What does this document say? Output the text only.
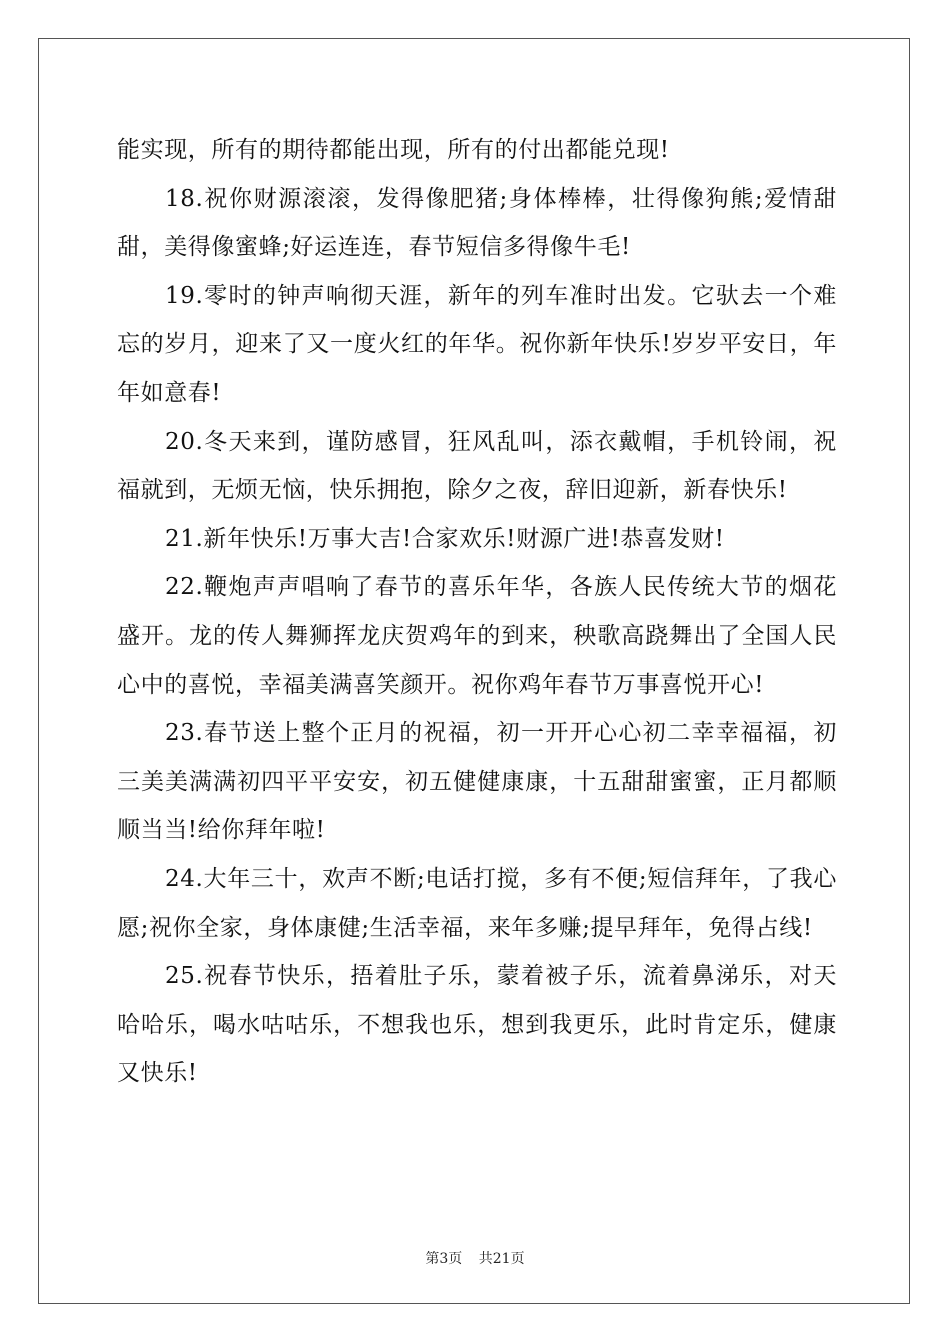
能实现，所有的期待都能出现，所有的付出都能兑现!

18.祝你财源滚滚，发得像肥猪;身体棒棒，壮得像狗熊;爱情甜甜，美得像蜜蜂;好运连连，春节短信多得像牛毛!

19.零时的钟声响彻天涯，新年的列车准时出发。它驮去一个难忘的岁月，迎来了又一度火红的年华。祝你新年快乐!岁岁平安日，年年如意春!

20.冬天来到，谨防感冒，狂风乱叫，添衣戴帽，手机铃闹，祝福就到，无烦无恼，快乐拥抱，除夕之夜，辞旧迎新，新春快乐!

21.新年快乐!万事大吉!合家欢乐!财源广进!恭喜发财!

22.鞭炮声声唱响了春节的喜乐年华，各族人民传统大节的烟花盛开。龙的传人舞狮挥龙庆贺鸡年的到来，秧歌高跷舞出了全国人民心中的喜悦，幸福美满喜笑颜开。祝你鸡年春节万事喜悦开心!

23.春节送上整个正月的祝福，初一开开心心初二幸幸福福，初三美美满满初四平平安安，初五健健康康，十五甜甜蜜蜜，正月都顺顺当当!给你拜年啦!

24.大年三十，欢声不断;电话打搅，多有不便;短信拜年，了我心愿;祝你全家，身体康健;生活幸福，来年多赚;提早拜年，免得占线!

25.祝春节快乐，捂着肚子乐，蒙着被子乐，流着鼻涕乐，对天哈哈乐，喝水咕咕乐，不想我也乐，想到我更乐，此时肯定乐，健康又快乐!

第3页 共21页
